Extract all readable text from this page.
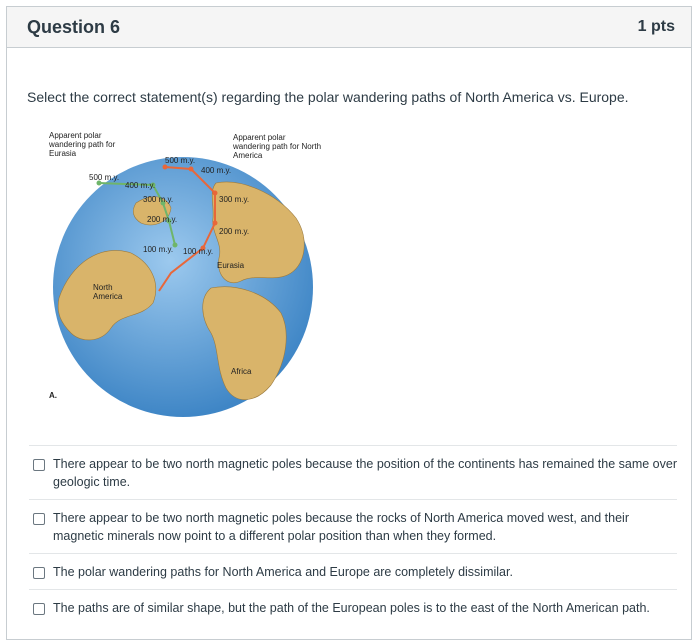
Question 6	1 pts
Select the correct statement(s) regarding the polar wandering paths of North America vs. Europe.
Apparent polar wandering path for Eurasia
Apparent polar wandering path for North America
500 m.y.
400 m.y.
300 m.y.
200 m.y.
100 m.y.
500 m.y.
400 m.y.
300 m.y.
200 m.y.
100 m.y.
Eurasia
North America
Africa
A.
There appear to be two north magnetic poles because the position of the continents has remained the same over geologic time.
There appear to be two north magnetic poles because the rocks of North America moved west, and their magnetic minerals now point to a different polar position than when they formed.
The polar wandering paths for North America and Europe are completely dissimilar.
The paths are of similar shape, but the path of the European poles is to the east of the North American path.
